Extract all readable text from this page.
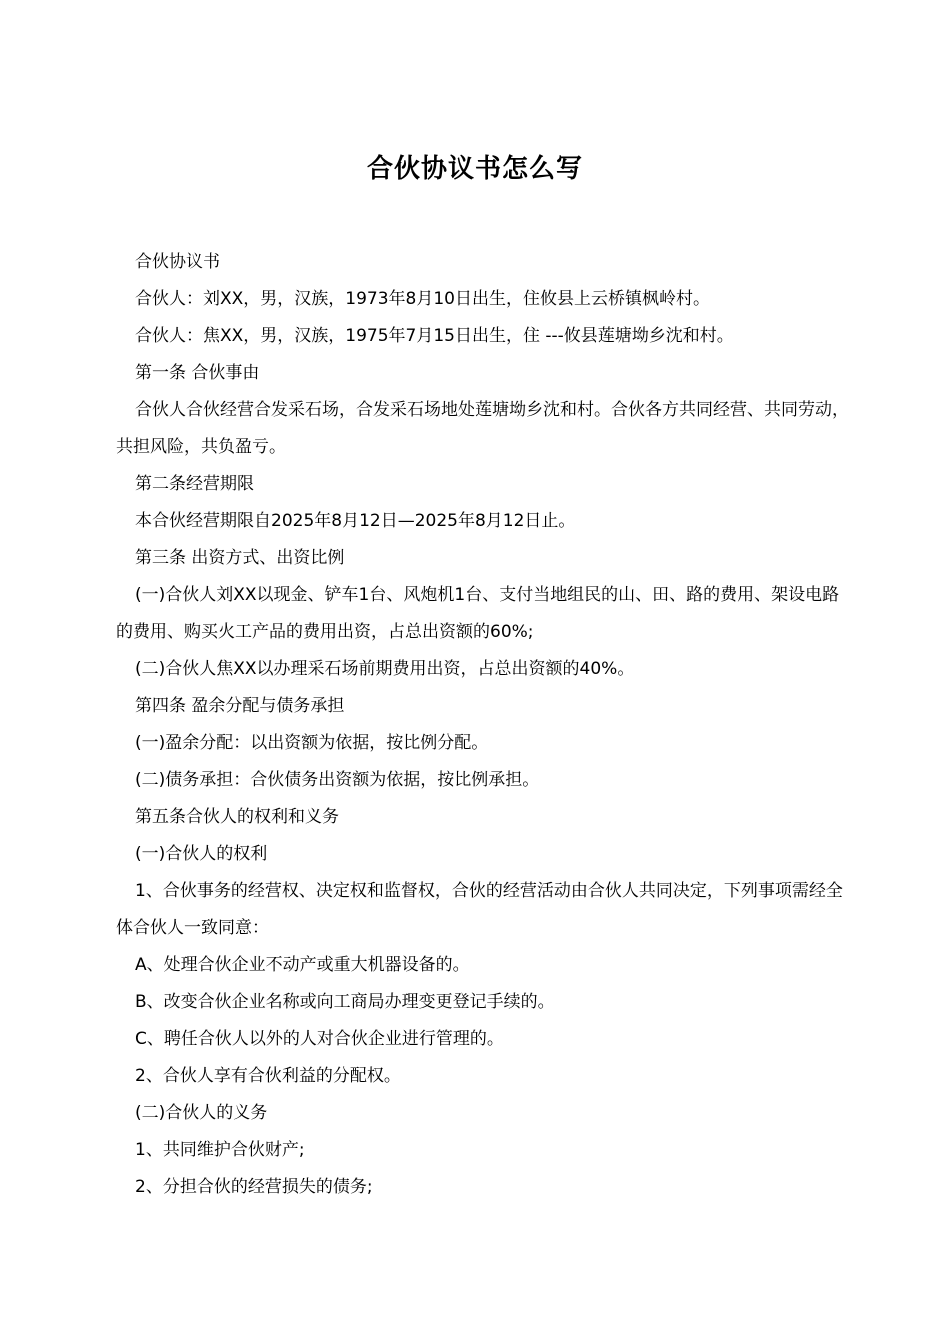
合伙协议书怎么写

合伙协议书

合伙人：刘XX，男，汉族，1973年8月10日出生，住攸县上云桥镇枫岭村。

合伙人：焦XX，男，汉族，1975年7月15日出生，住 ---攸县莲塘坳乡沈和村。

第一条 合伙事由

合伙人合伙经营合发采石场，合发采石场地处莲塘坳乡沈和村。合伙各方共同经营、共同劳动，共担风险，共负盈亏。

第二条经营期限

本合伙经营期限自2025年8月12日—2025年8月12日止。

第三条 出资方式、出资比例

(一)合伙人刘XX以现金、铲车1台、风炮机1台、支付当地组民的山、田、路的费用、架设电路的费用、购买火工产品的费用出资，占总出资额的60%;

(二)合伙人焦XX以办理采石场前期费用出资，占总出资额的40%。

第四条 盈余分配与债务承担

(一)盈余分配：以出资额为依据，按比例分配。

(二)债务承担：合伙债务出资额为依据，按比例承担。

第五条合伙人的权利和义务

(一)合伙人的权利

1、合伙事务的经营权、决定权和监督权，合伙的经营活动由合伙人共同决定，下列事项需经全体合伙人一致同意：

A、处理合伙企业不动产或重大机器设备的。

B、改变合伙企业名称或向工商局办理变更登记手续的。

C、聘任合伙人以外的人对合伙企业进行管理的。

2、合伙人享有合伙利益的分配权。

(二)合伙人的义务

1、共同维护合伙财产;

2、分担合伙的经营损失的债务;
